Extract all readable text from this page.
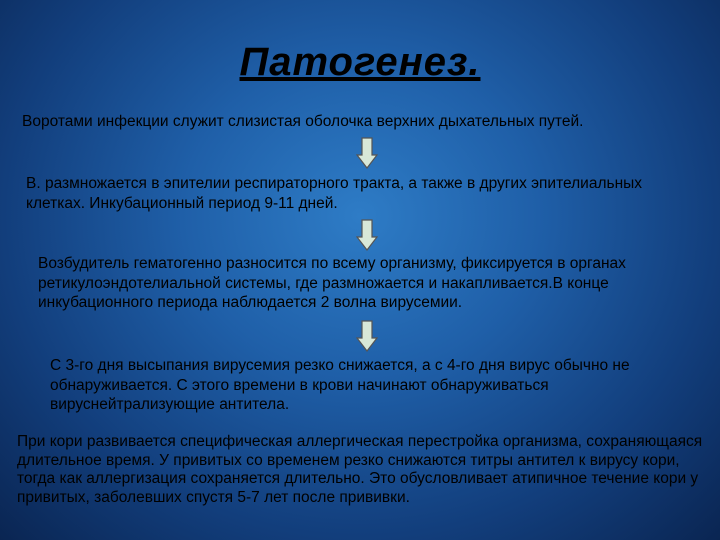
Патогенез.

Воротами инфекции служит слизистая оболочка верхних дыхательных путей.

В. размножается в эпителии респираторного тракта, а также в других эпителиальных клетках. Инкубационный период 9-11 дней.

Возбудитель гематогенно разносится по всему организму, фиксируется в органах ретикулоэндотелиальной системы, где размножается и накапливается.В конце инкубационного периода наблюдается 2 волна вирусемии.

С 3-го дня высыпания вирусемия резко снижается, а с 4-го дня вирус обычно не обнаруживается. С этого времени в крови начинают обнаруживаться вируснейтрализующие антитела.

При кори развивается специфическая аллергическая перестройка организма, сохраняющаяся длительное время. У привитых со временем резко снижаются титры антител к вирусу кори, тогда как аллергизация сохраняется длительно. Это обусловливает атипичное течение кори у привитых, заболевших спустя 5-7 лет после прививки.
